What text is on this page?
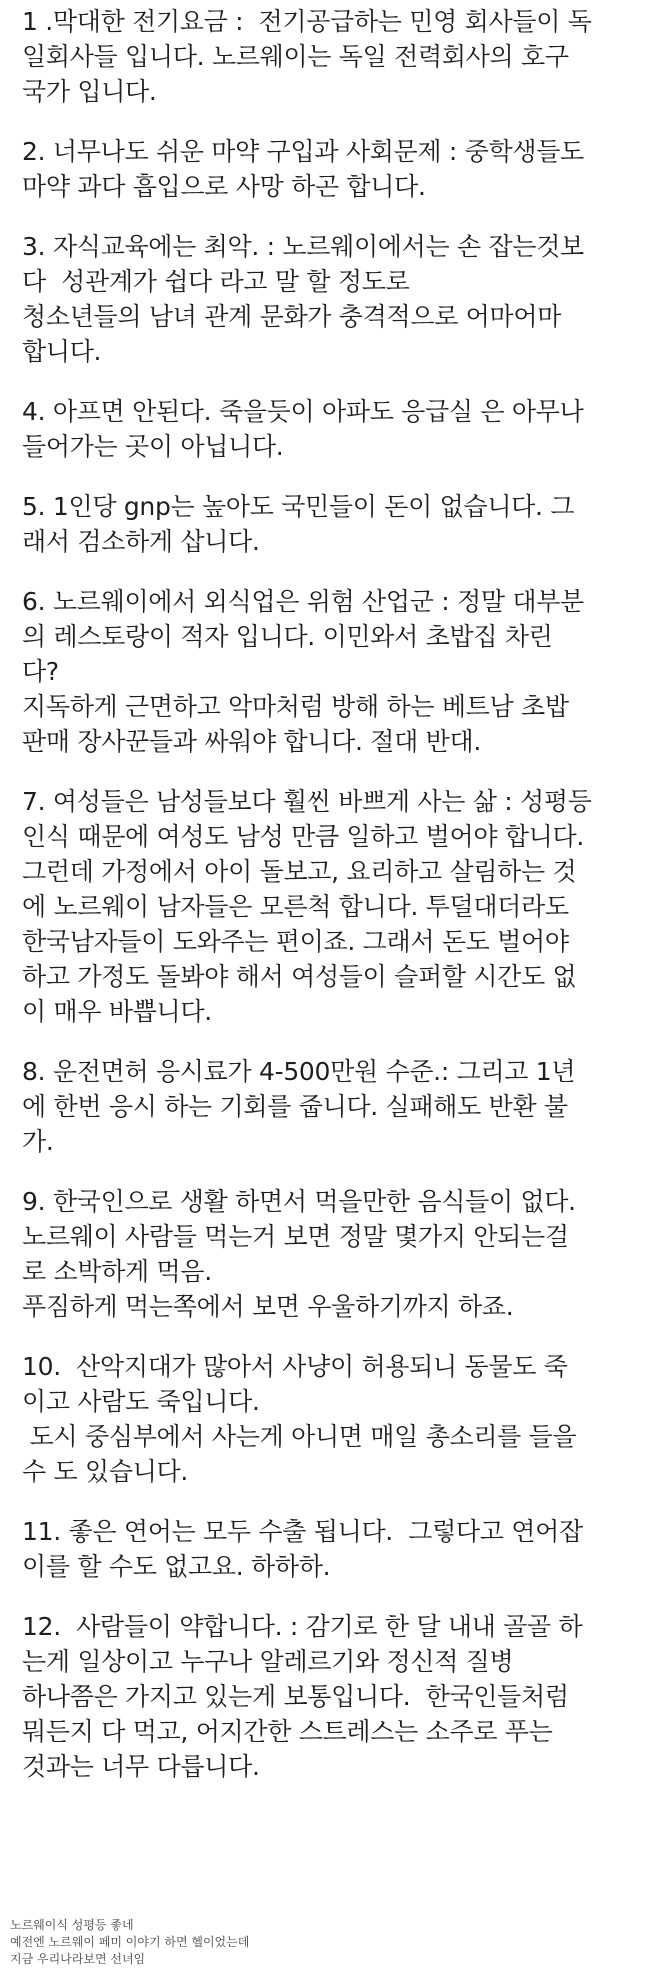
1 .막대한 전기요금 :  전기공급하는 민영 회사들이 독
일회사들 입니다. 노르웨이는 독일 전력회사의 호구
국가 입니다.
2. 너무나도 쉬운 마약 구입과 사회문제 : 중학생들도
마약 과다 흡입으로 사망 하곤 합니다.
3. 자식교육에는 최악. : 노르웨이에서는 손 잡는것보
다  성관계가 쉽다 라고 말 할 정도로
청소년들의 남녀 관계 문화가 충격적으로 어마어마
합니다.
4. 아프면 안된다. 죽을듯이 아파도 응급실 은 아무나
들어가는 곳이 아닙니다.
5. 1인당 gnp는 높아도 국민들이 돈이 없습니다. 그
래서 검소하게 삽니다.
6. 노르웨이에서 외식업은 위험 산업군 : 정말 대부분
의 레스토랑이 적자 입니다. 이민와서 초밥집 차린
다?
지독하게 근면하고 악마처럼 방해 하는 베트남 초밥
판매 장사꾼들과 싸워야 합니다. 절대 반대.
7. 여성들은 남성들보다 훨씬 바쁘게 사는 삶 : 성평등
인식 때문에 여성도 남성 만큼 일하고 벌어야 합니다.
그런데 가정에서 아이 돌보고, 요리하고 살림하는 것
에 노르웨이 남자들은 모른척 합니다. 투덜대더라도
한국남자들이 도와주는 편이죠. 그래서 돈도 벌어야
하고 가정도 돌봐야 해서 여성들이 슬퍼할 시간도 없
이 매우 바쁩니다.
8. 운전면허 응시료가 4-500만원 수준.: 그리고 1년
에 한번 응시 하는 기회를 줍니다. 실패해도 반환 불
가.
9. 한국인으로 생활 하면서 먹을만한 음식들이 없다.
노르웨이 사람들 먹는거 보면 정말 몇가지 안되는걸
로 소박하게 먹음.
푸짐하게 먹는쪽에서 보면 우울하기까지 하죠.
10.  산악지대가 많아서 사냥이 허용되니 동물도 죽
이고 사람도 죽입니다.
도시 중심부에서 사는게 아니면 매일 총소리를 들을
수 도 있습니다.
11. 좋은 연어는 모두 수출 됩니다.  그렇다고 연어잡
이를 할 수도 없고요. 하하하.
12.  사람들이 약합니다. : 감기로 한 달 내내 골골 하
는게 일상이고 누구나 알레르기와 정신적 질병
하나쯤은 가지고 있는게 보통입니다.  한국인들처럼
뭐든지 다 먹고, 어지간한 스트레스는 소주로 푸는
것과는 너무 다릅니다.
노르웨이식 성평등 좋네
예전엔 노르웨이 페미 이야기 하면 헬이었는데
지금 우리나라보면 선녀임
